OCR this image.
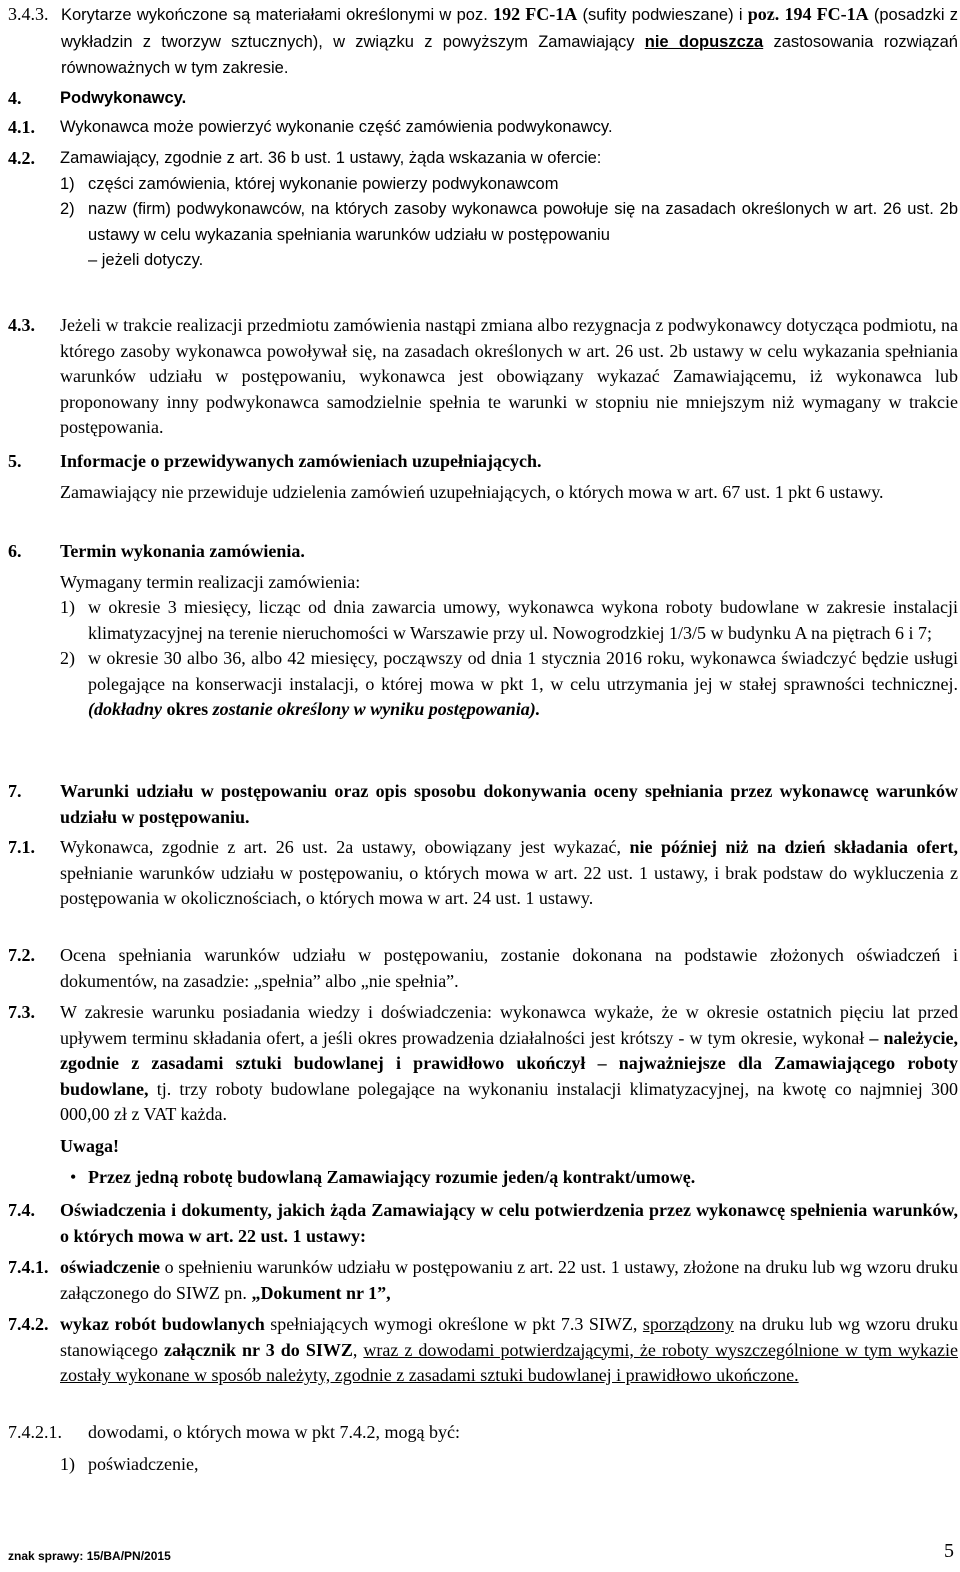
3.4.3. Korytarze wykończone są materiałami określonymi w poz. 192 FC-1A (sufity podwieszane) i poz. 194 FC-1A (posadzki z wykładzin z tworzyw sztucznych), w związku z powyższym Zamawiający nie dopuszcza zastosowania rozwiązań równoważnych w tym zakresie.
4. Podwykonawcy.
4.1. Wykonawca może powierzyć wykonanie część zamówienia podwykonawcy.
4.2. Zamawiający, zgodnie z art. 36 b ust. 1 ustawy, żąda wskazania w ofercie:
1) części zamówienia, której wykonanie powierzy podwykonawcom
2) nazw (firm) podwykonawców, na których zasoby wykonawca powołuje się na zasadach określonych w art. 26 ust. 2b ustawy w celu wykazania spełniania warunków udziału w postępowaniu
– jeżeli dotyczy.
4.3. Jeżeli w trakcie realizacji przedmiotu zamówienia nastąpi zmiana albo rezygnacja z podwykonawcy dotycząca podmiotu, na którego zasoby wykonawca powoływał się, na zasadach określonych w art. 26 ust. 2b ustawy w celu wykazania spełniania warunków udziału w postępowaniu, wykonawca jest obowiązany wykazać Zamawiającemu, iż wykonawca lub proponowany inny podwykonawca samodzielnie spełnia te warunki w stopniu nie mniejszym niż wymagany w trakcie postępowania.
5. Informacje o przewidywanych zamówieniach uzupełniających.
Zamawiający nie przewiduje udzielenia zamówień uzupełniających, o których mowa w art. 67 ust. 1 pkt 6 ustawy.
6. Termin wykonania zamówienia.
Wymagany termin realizacji zamówienia:
1) w okresie 3 miesięcy, licząc od dnia zawarcia umowy, wykonawca wykona roboty budowlane w zakresie instalacji klimatyzacyjnej na terenie nieruchomości w Warszawie przy ul. Nowogrodzkiej 1/3/5 w budynku A na piętrach 6 i 7;
2) w okresie 30 albo 36, albo 42 miesięcy, począwszy od dnia 1 stycznia 2016 roku, wykonawca świadczyć będzie usługi polegające na konserwacji instalacji, o której mowa w pkt 1, w celu utrzymania jej w stałej sprawności technicznej. (dokładny okres zostanie określony w wyniku postępowania).
7. Warunki udziału w postępowaniu oraz opis sposobu dokonywania oceny spełniania przez wykonawcę warunków udziału w postępowaniu.
7.1. Wykonawca, zgodnie z art. 26 ust. 2a ustawy, obowiązany jest wykazać, nie później niż na dzień składania ofert, spełnianie warunków udziału w postępowaniu, o których mowa w art. 22 ust. 1 ustawy, i brak podstaw do wykluczenia z postępowania w okolicznościach, o których mowa w art. 24 ust. 1 ustawy.
7.2. Ocena spełniania warunków udziału w postępowaniu, zostanie dokonana na podstawie złożonych oświadczeń i dokumentów, na zasadzie: „spełnia” albo „nie spełnia”.
7.3. W zakresie warunku posiadania wiedzy i doświadczenia: wykonawca wykaże, że w okresie ostatnich pięciu lat przed upływem terminu składania ofert, a jeśli okres prowadzenia działalności jest krótszy - w tym okresie, wykonał – należycie, zgodnie z zasadami sztuki budowlanej i prawidłowo ukończył – najważniejsze dla Zamawiającego roboty budowlane, tj. trzy roboty budowlane polegające na wykonaniu instalacji klimatyzacyjnej, na kwotę co najmniej 300 000,00 zł z VAT każda.
Uwaga!
• Przez jedną robotę budowlaną Zamawiający rozumie jeden/ą kontrakt/umowę.
7.4. Oświadczenia i dokumenty, jakich żąda Zamawiający w celu potwierdzenia przez wykonawcę spełnienia warunków, o których mowa w art. 22 ust. 1 ustawy:
7.4.1. oświadczenie o spełnieniu warunków udziału w postępowaniu z art. 22 ust. 1 ustawy, złożone na druku lub wg wzoru druku załączonego do SIWZ pn. „Dokument nr 1”,
7.4.2. wykaz robót budowlanych spełniających wymogi określone w pkt 7.3 SIWZ, sporządzony na druku lub wg wzoru druku stanowiącego załącznik nr 3 do SIWZ, wraz z dowodami potwierdzającymi, że roboty wyszczególnione w tym wykazie zostały wykonane w sposób należyty, zgodnie z zasadami sztuki budowlanej i prawidłowo ukończone.
7.4.2.1. dowodami, o których mowa w pkt 7.4.2, mogą być:
1) poświadczenie,
znak sprawy: 15/BA/PN/2015	5
